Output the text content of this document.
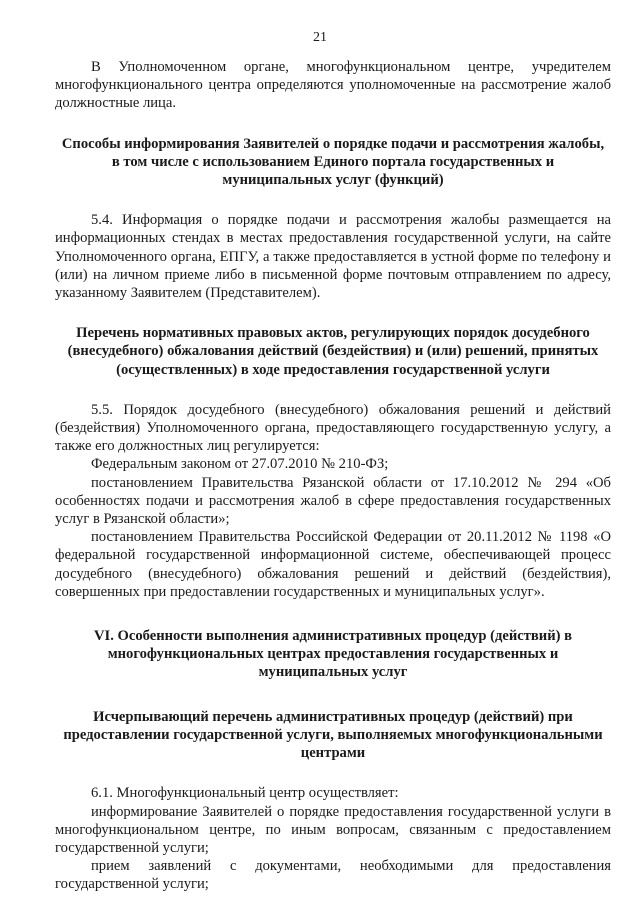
21

В Уполномоченном органе, многофункциональном центре, учредителем многофункционального центра определяются уполномоченные на рассмотрение жалоб должностные лица.

Способы информирования Заявителей о порядке подачи и рассмотрения жалобы, в том числе с использованием Единого портала государственных и муниципальных услуг (функций)

5.4. Информация о порядке подачи и рассмотрения жалобы размещается на информационных стендах в местах предоставления государственной услуги, на сайте Уполномоченного органа, ЕПГУ, а также предоставляется в устной форме по телефону и (или) на личном приеме либо в письменной форме почтовым отправлением по адресу, указанному Заявителем (Представителем).

Перечень нормативных правовых актов, регулирующих порядок досудебного (внесудебного) обжалования действий (бездействия) и (или) решений, принятых (осуществленных) в ходе предоставления государственной услуги

5.5. Порядок досудебного (внесудебного) обжалования решений и действий (бездействия) Уполномоченного органа, предоставляющего государственную услугу, а также его должностных лиц регулируется:

Федеральным законом от 27.07.2010 № 210-ФЗ;

постановлением Правительства Рязанской области от 17.10.2012 № 294 «Об особенностях подачи и рассмотрения жалоб в сфере предоставления государственных услуг в Рязанской области»;

постановлением Правительства Российской Федерации от 20.11.2012 № 1198 «О федеральной государственной информационной системе, обеспечивающей процесс досудебного (внесудебного) обжалования решений и действий (бездействия), совершенных при предоставлении государственных и муниципальных услуг».

VI. Особенности выполнения административных процедур (действий) в многофункциональных центрах предоставления государственных и муниципальных услуг

Исчерпывающий перечень административных процедур (действий) при предоставлении государственной услуги, выполняемых многофункциональными центрами

6.1. Многофункциональный центр осуществляет:

информирование Заявителей о порядке предоставления государственной услуги в многофункциональном центре, по иным вопросам, связанным с предоставлением государственной услуги;

прием заявлений с документами, необходимыми для предоставления государственной услуги;
